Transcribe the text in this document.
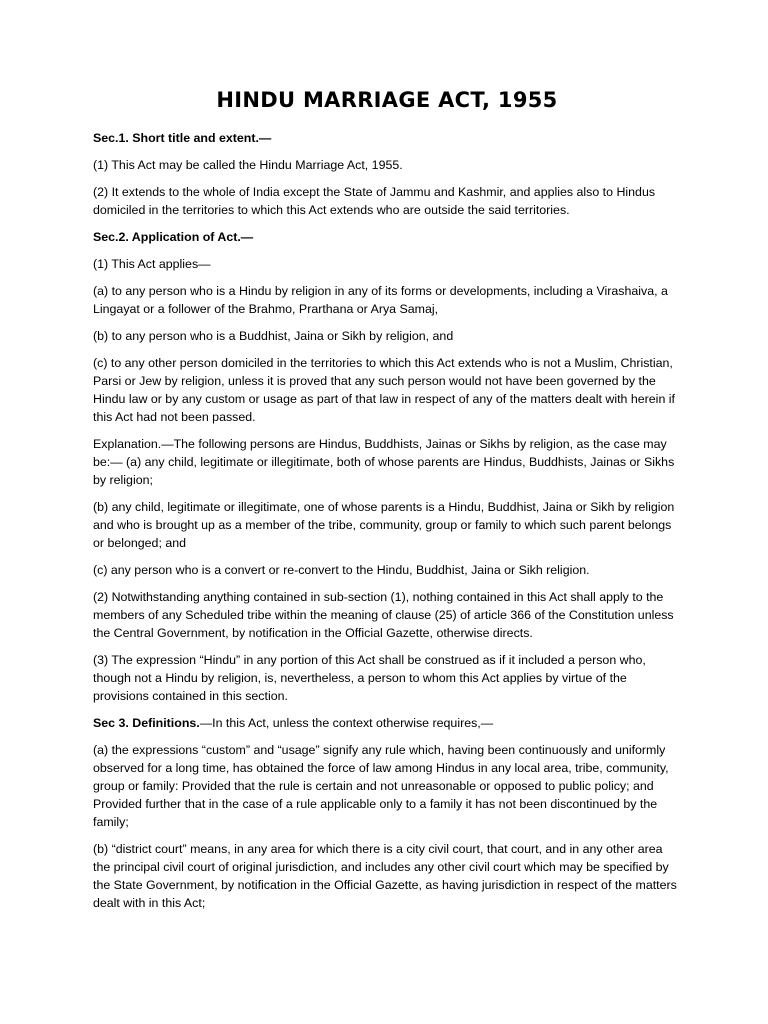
HINDU MARRIAGE ACT, 1955

Sec.1. Short title and extent.—

(1) This Act may be called the Hindu Marriage Act, 1955.

(2) It extends to the whole of India except the State of Jammu and Kashmir, and applies also to Hindus domiciled in the territories to which this Act extends who are outside the said territories.

Sec.2. Application of Act.—

(1) This Act applies—

(a) to any person who is a Hindu by religion in any of its forms or developments, including a Virashaiva, a Lingayat or a follower of the Brahmo, Prarthana or Arya Samaj,

(b) to any person who is a Buddhist, Jaina or Sikh by religion, and

(c) to any other person domiciled in the territories to which this Act extends who is not a Muslim, Christian, Parsi or Jew by religion, unless it is proved that any such person would not have been governed by the Hindu law or by any custom or usage as part of that law in respect of any of the matters dealt with herein if this Act had not been passed.

Explanation.—The following persons are Hindus, Buddhists, Jainas or Sikhs by religion, as the case may be:— (a) any child, legitimate or illegitimate, both of whose parents are Hindus, Buddhists, Jainas or Sikhs by religion;

(b) any child, legitimate or illegitimate, one of whose parents is a Hindu, Buddhist, Jaina or Sikh by religion and who is brought up as a member of the tribe, community, group or family to which such parent belongs or belonged; and

(c) any person who is a convert or re-convert to the Hindu, Buddhist, Jaina or Sikh religion.

(2) Notwithstanding anything contained in sub-section (1), nothing contained in this Act shall apply to the members of any Scheduled tribe within the meaning of clause (25) of article 366 of the Constitution unless the Central Government, by notification in the Official Gazette, otherwise directs.

(3) The expression “Hindu” in any portion of this Act shall be construed as if it included a person who, though not a Hindu by religion, is, nevertheless, a person to whom this Act applies by virtue of the provisions contained in this section.

Sec 3. Definitions.—In this Act, unless the context otherwise requires,—

(a) the expressions “custom” and “usage” signify any rule which, having been continuously and uniformly observed for a long time, has obtained the force of law among Hindus in any local area, tribe, community, group or family: Provided that the rule is certain and not unreasonable or opposed to public policy; and Provided further that in the case of a rule applicable only to a family it has not been discontinued by the family;

(b) “district court” means, in any area for which there is a city civil court, that court, and in any other area the principal civil court of original jurisdiction, and includes any other civil court which may be specified by the State Government, by notification in the Official Gazette, as having jurisdiction in respect of the matters dealt with in this Act;
